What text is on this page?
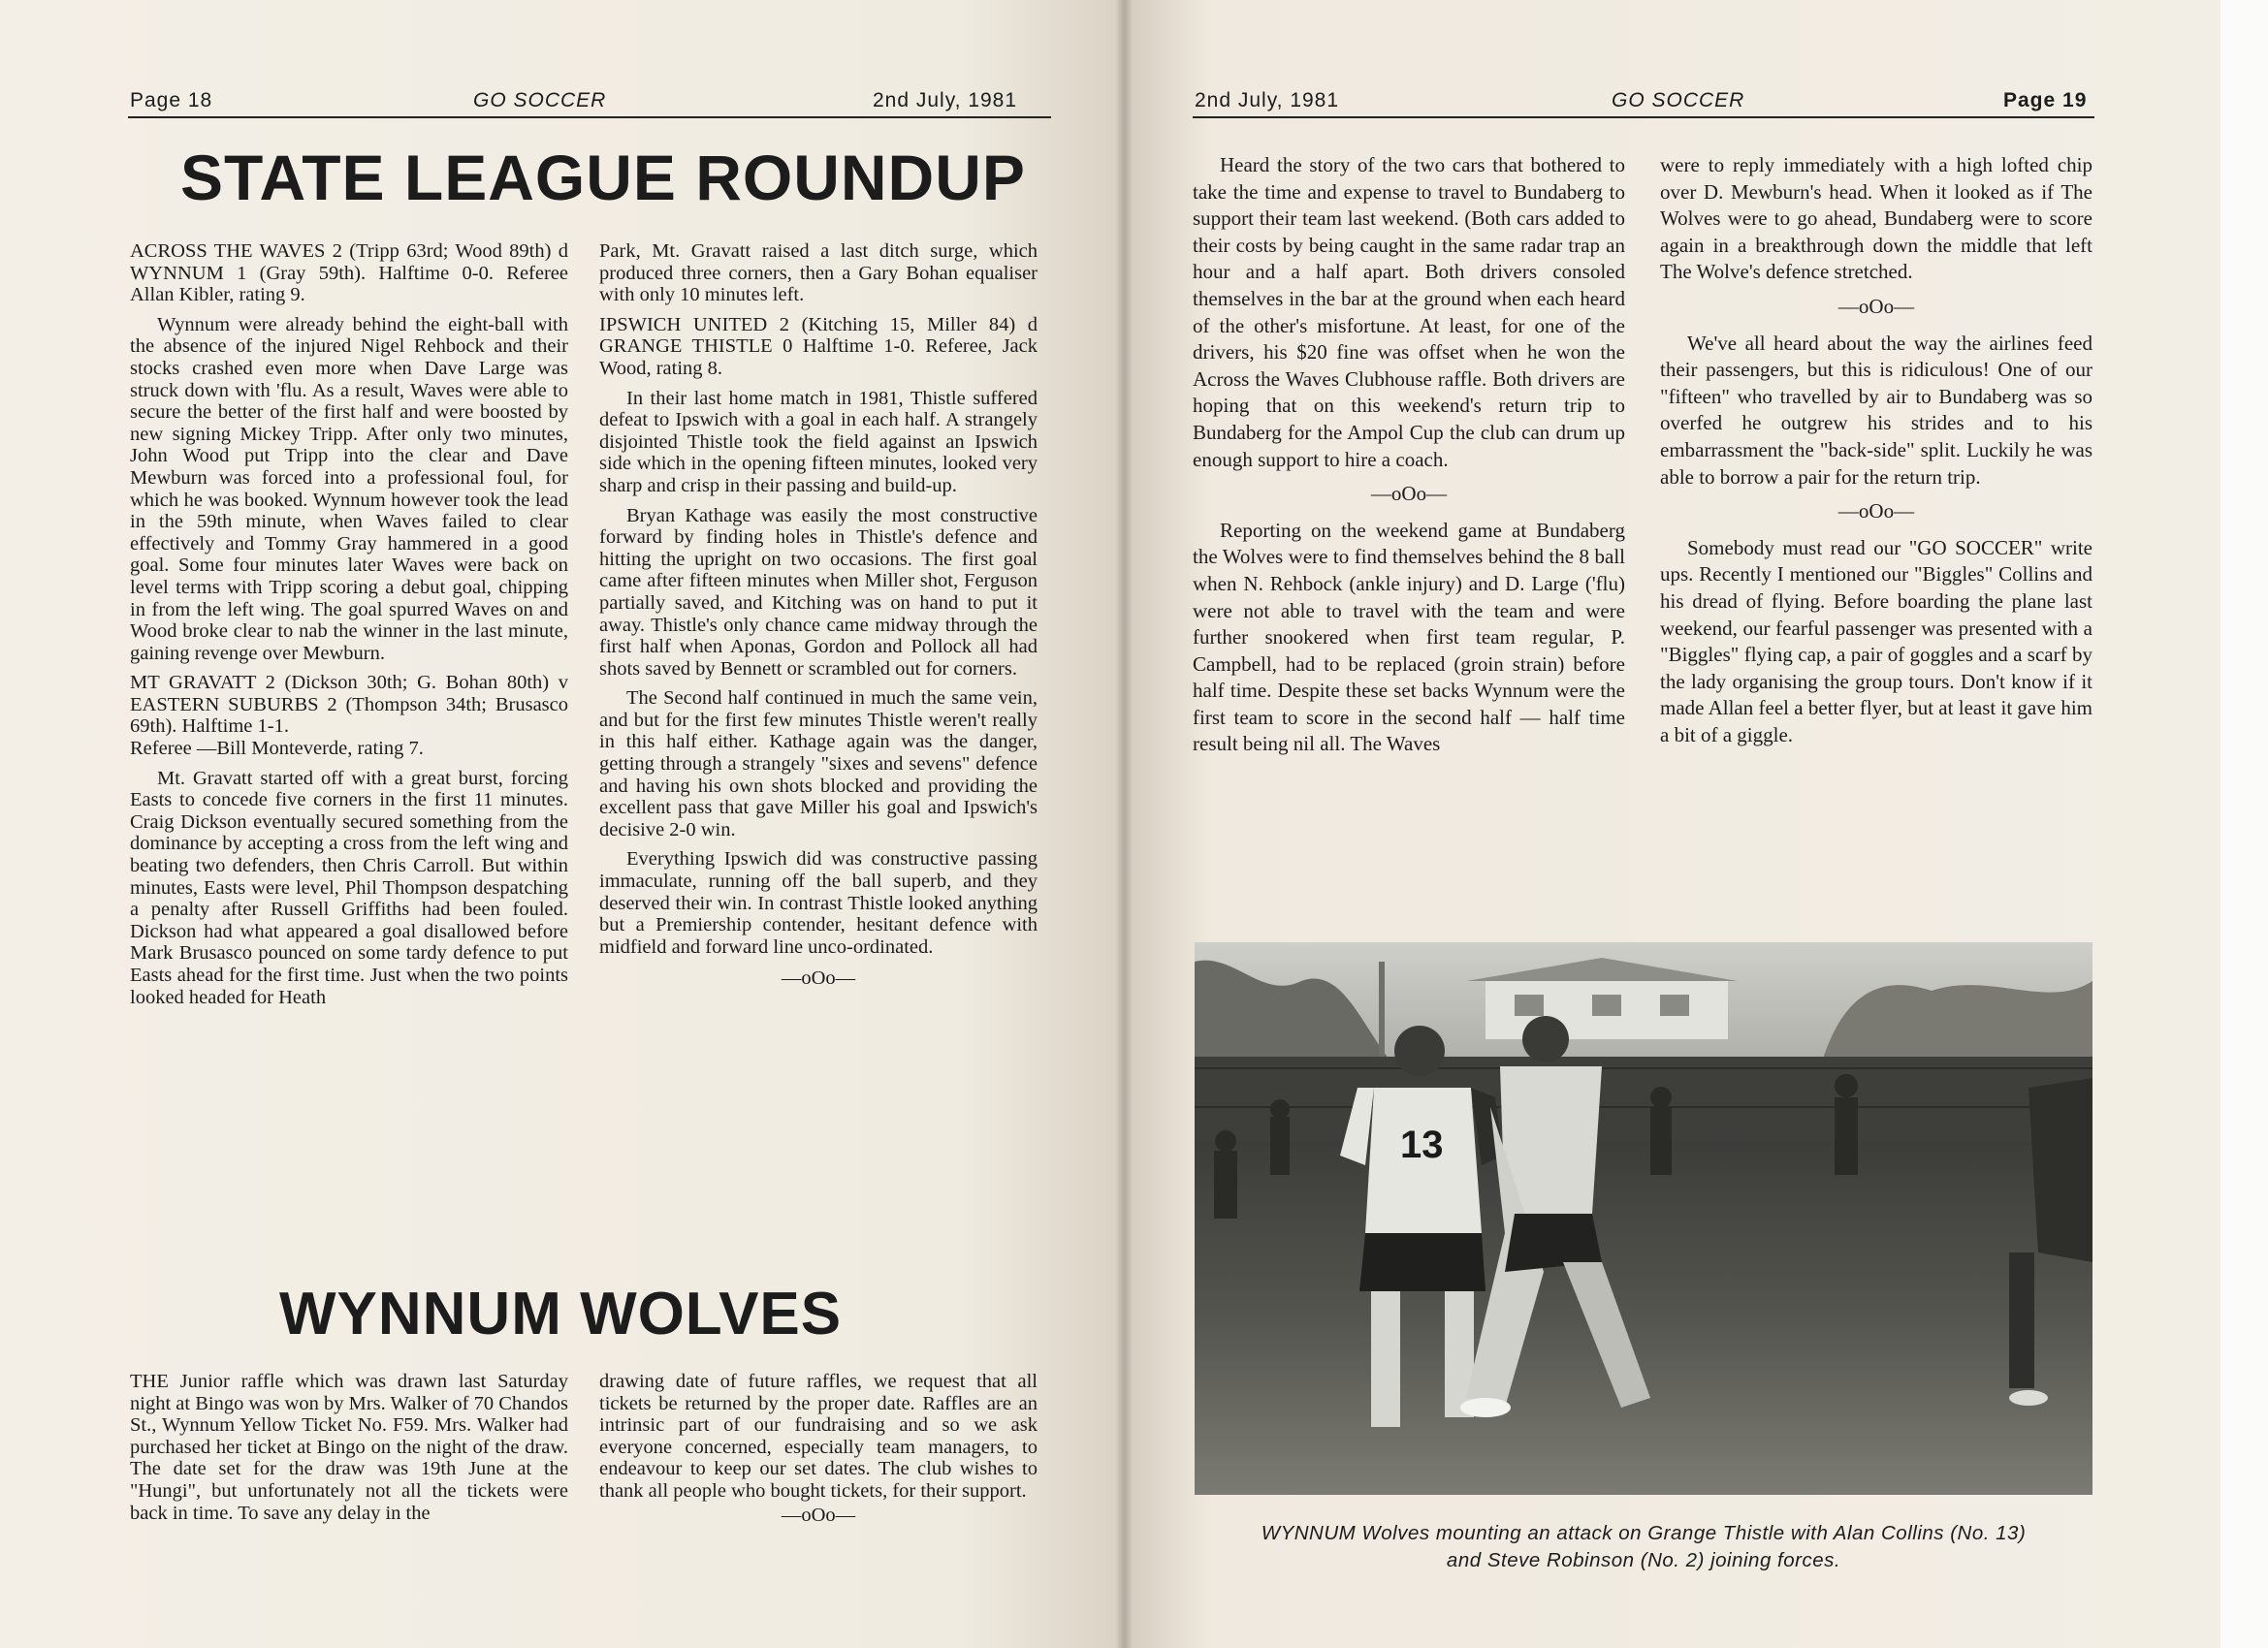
Page 18	GO SOCCER	2nd July, 1981
STATE LEAGUE ROUNDUP

ACROSS THE WAVES 2 (Tripp 63rd; Wood 89th) d WYNNUM 1 (Gray 59th). Halftime 0-0. Referee Allan Kibler, rating 9.

Wynnum were already behind the eight-ball with the absence of the injured Nigel Rehbock and their stocks crashed even more when Dave Large was struck down with 'flu. As a result, Waves were able to secure the better of the first half and were boosted by new signing Mickey Tripp. After only two minutes, John Wood put Tripp into the clear and Dave Mewburn was forced into a professional foul, for which he was booked. Wynnum however took the lead in the 59th minute, when Waves failed to clear effectively and Tommy Gray hammered in a good goal. Some four minutes later Waves were back on level terms with Tripp scoring a debut goal, chipping in from the left wing. The goal spurred Waves on and Wood broke clear to nab the winner in the last minute, gaining revenge over Mewburn.

MT GRAVATT 2 (Dickson 30th; G. Bohan 80th) v EASTERN SUBURBS 2 (Thompson 34th; Brusasco 69th). Halftime 1-1.

Referee —Bill Monteverde, rating 7.

Mt. Gravatt started off with a great burst, forcing Easts to concede five corners in the first 11 minutes. Craig Dickson eventually secured something from the dominance by accepting a cross from the left wing and beating two defenders, then Chris Carroll. But within minutes, Easts were level, Phil Thompson despatching a penalty after Russell Griffiths had been fouled. Dickson had what appeared a goal disallowed before Mark Brusasco pounced on some tardy defence to put Easts ahead for the first time. Just when the two points looked headed for Heath

Park, Mt. Gravatt raised a last ditch surge, which produced three corners, then a Gary Bohan equaliser with only 10 minutes left.

IPSWICH UNITED 2 (Kitching 15, Miller 84) d GRANGE THISTLE 0 Halftime 1-0. Referee, Jack Wood, rating 8.

In their last home match in 1981, Thistle suffered defeat to Ipswich with a goal in each half. A strangely disjointed Thistle took the field against an Ipswich side which in the opening fifteen minutes, looked very sharp and crisp in their passing and build-up.

Bryan Kathage was easily the most constructive forward by finding holes in Thistle's defence and hitting the upright on two occasions. The first goal came after fifteen minutes when Miller shot, Ferguson partially saved, and Kitching was on hand to put it away. Thistle's only chance came midway through the first half when Aponas, Gordon and Pollock all had shots saved by Bennett or scrambled out for corners.

The Second half continued in much the same vein, and but for the first few minutes Thistle weren't really in this half either. Kathage again was the danger, getting through a strangely "sixes and sevens" defence and having his own shots blocked and providing the excellent pass that gave Miller his goal and Ipswich's decisive 2-0 win.

Everything Ipswich did was constructive passing immaculate, running off the ball superb, and they deserved their win. In contrast Thistle looked anything but a Premiership contender, hesitant defence with midfield and forward line unco-ordinated.

—oOo—
WYNNUM WOLVES

THE Junior raffle which was drawn last Saturday night at Bingo was won by Mrs. Walker of 70 Chandos St., Wynnum Yellow Ticket No. F59. Mrs. Walker had purchased her ticket at Bingo on the night of the draw. The date set for the draw was 19th June at the "Hungi", but unfortunately not all the tickets were back in time. To save any delay in the

drawing date of future raffles, we request that all tickets be returned by the proper date. Raffles are an intrinsic part of our fundraising and so we ask everyone concerned, especially team managers, to endeavour to keep our set dates. The club wishes to thank all people who bought tickets, for their support.

—oOo—
2nd July, 1981	GO SOCCER	Page 19

Heard the story of the two cars that bothered to take the time and expense to travel to Bundaberg to support their team last weekend. (Both cars added to their costs by being caught in the same radar trap an hour and a half apart. Both drivers consoled themselves in the bar at the ground when each heard of the other's misfortune. At least, for one of the drivers, his $20 fine was offset when he won the Across the Waves Clubhouse raffle. Both drivers are hoping that on this weekend's return trip to Bundaberg for the Ampol Cup the club can drum up enough support to hire a coach.

—oOo—

Reporting on the weekend game at Bundaberg the Wolves were to find themselves behind the 8 ball when N. Rehbock (ankle injury) and D. Large ('flu) were not able to travel with the team and were further snookered when first team regular, P. Campbell, had to be replaced (groin strain) before half time. Despite these set backs Wynnum were the first team to score in the second half — half time result being nil all. The Waves

were to reply immediately with a high lofted chip over D. Mewburn's head. When it looked as if The Wolves were to go ahead, Bundaberg were to score again in a breakthrough down the middle that left The Wolve's defence stretched.

—oOo—

We've all heard about the way the airlines feed their passengers, but this is ridiculous! One of our "fifteen" who travelled by air to Bundaberg was so overfed he outgrew his strides and to his embarrassment the "back-side" split. Luckily he was able to borrow a pair for the return trip.

—oOo—

Somebody must read our "GO SOCCER" write ups. Recently I mentioned our "Biggles" Collins and his dread of flying. Before boarding the plane last weekend, our fearful passenger was presented with a "Biggles" flying cap, a pair of goggles and a scarf by the lady organising the group tours. Don't know if it made Allan feel a better flyer, but at least it gave him a bit of a giggle.

13
WYNNUM Wolves mounting an attack on Grange Thistle with Alan Collins (No. 13)
and Steve Robinson (No. 2) joining forces.
